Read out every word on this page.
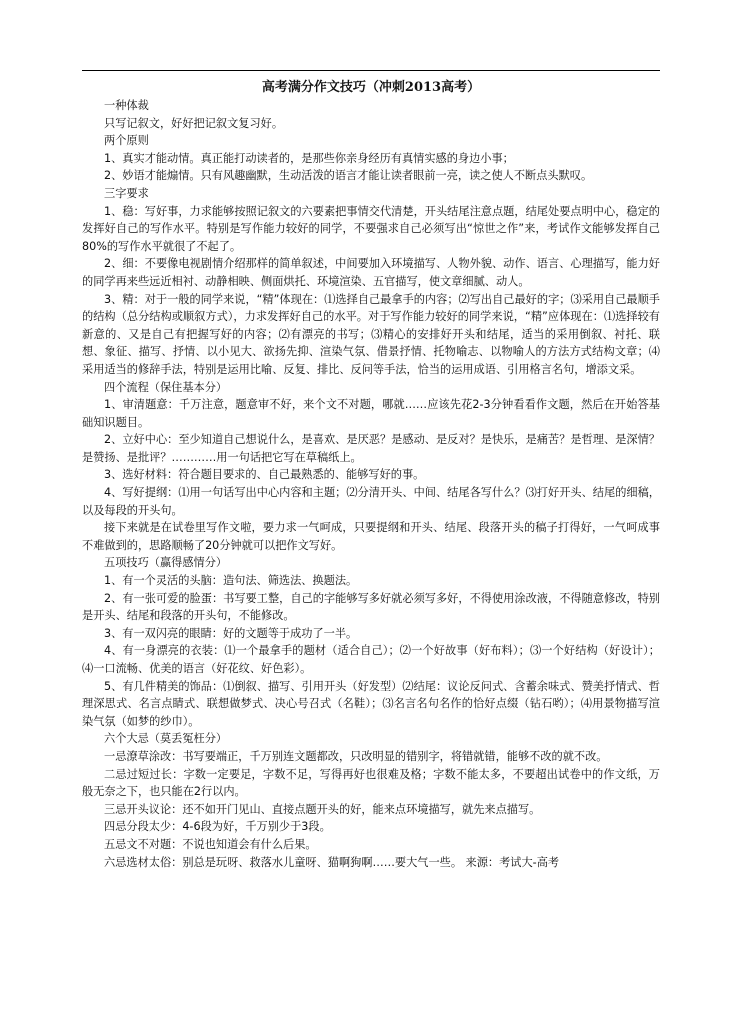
高考满分作文技巧（冲刺2013高考）
一种体裁
只写记叙文，好好把记叙文复习好。
两个原则
1、真实才能动情。真正能打动读者的，是那些你亲身经历有真情实感的身边小事；
2、妙语才能煽情。只有风趣幽默，生动活泼的语言才能让读者眼前一亮，读之使人不断点头默叹。
三字要求
1、稳：写好事，力求能够按照记叙文的六要素把事情交代清楚，开头结尾注意点题，结尾处要点明中心，稳定的发挥好自己的写作水平。特别是写作能力较好的同学，不要强求自己必须写出“惊世之作”来，考试作文能够发挥自己80%的写作水平就很了不起了。
2、细：不要像电视剧情介绍那样的简单叙述，中间要加入环境描写、人物外貌、动作、语言、心理描写，能力好的同学再来些远近相衬、动静相映、侧面烘托、环境渲染、五官描写，使文章细腻、动人。
3、精：对于一般的同学来说，“精”体现在：⑴选择自己最拿手的内容；⑵写出自己最好的字；⑶采用自己最顺手的结构（总分结构或顺叙方式），力求发挥好自己的水平。对于写作能力较好的同学来说，“精”应体现在：⑴选择较有新意的、又是自己有把握写好的内容；⑵有漂亮的书写；⑶精心的安排好开头和结尾，适当的采用倒叙、衬托、联想、象征、描写、抒情、以小见大、欲扬先抑、渲染气氛、借景抒情、托物喻志、以物喻人的方法方式结构文章；⑷采用适当的修辞手法，特别是运用比喻、反复、排比、反问等手法，恰当的运用成语、引用格言名句，增添文采。
四个流程（保住基本分）
1、审清题意：千万注意，题意审不好，来个文不对题，哪就……应该先花2-3分钟看看作文题，然后在开始答基础知识题目。
2、立好中心：至少知道自己想说什么，是喜欢、是厌恶？是感动、是反对？是快乐，是痛苦？是哲理、是深情？是赞扬、是批评？…………用一句话把它写在草稿纸上。
3、选好材料：符合题目要求的、自己最熟悉的、能够写好的事。
4、写好提纲：⑴用一句话写出中心内容和主题；⑵分清开头、中间、结尾各写什么？⑶打好开头、结尾的细稿，以及每段的开头句。
接下来就是在试卷里写作文啦，要力求一气呵成，只要提纲和开头、结尾、段落开头的稿子打得好，一气呵成事不难做到的，思路顺畅了20分钟就可以把作文写好。
五项技巧（赢得感情分）
1、有一个灵活的头脑：造句法、筛选法、换题法。
2、有一张可爱的脸蛋：书写要工整，自己的字能够写多好就必须写多好，不得使用涂改液，不得随意修改，特别是开头、结尾和段落的开头句，不能修改。
3、有一双闪亮的眼睛：好的文题等于成功了一半。
4、有一身漂亮的衣装：⑴一个最拿手的题材（适合自己）；⑵一个好故事（好布料）；⑶一个好结构（好设计）；⑷一口流畅、优美的语言（好花纹、好色彩）。
5、有几件精美的饰品：⑴倒叙、描写、引用开头（好发型）⑵结尾：议论反问式、含蓄余味式、赞美抒情式、哲理深思式、名言点睛式、联想做梦式、决心号召式（名鞋）；⑶名言名句名作的恰好点缀（钻石哟）；⑷用景物描写渲染气氛（如梦的纱巾）。
六个大忌（莫丢冤枉分）
一忌潦草涂改：书写要端正，千万别连文题都改，只改明显的错别字，将错就错，能够不改的就不改。
二忌过短过长：字数一定要足，字数不足，写得再好也很难及格；字数不能太多，不要超出试卷中的作文纸，万般无奈之下，也只能在2行以内。
三忌开头议论：还不如开门见山、直接点题开头的好，能来点环境描写，就先来点描写。
四忌分段太少：4-6段为好，千万别少于3段。
五忌文不对题：不说也知道会有什么后果。
六忌选材太俗：别总是玩呀、救落水儿童呀、猫啊狗啊……要大气一些。 来源：考试大-高考
